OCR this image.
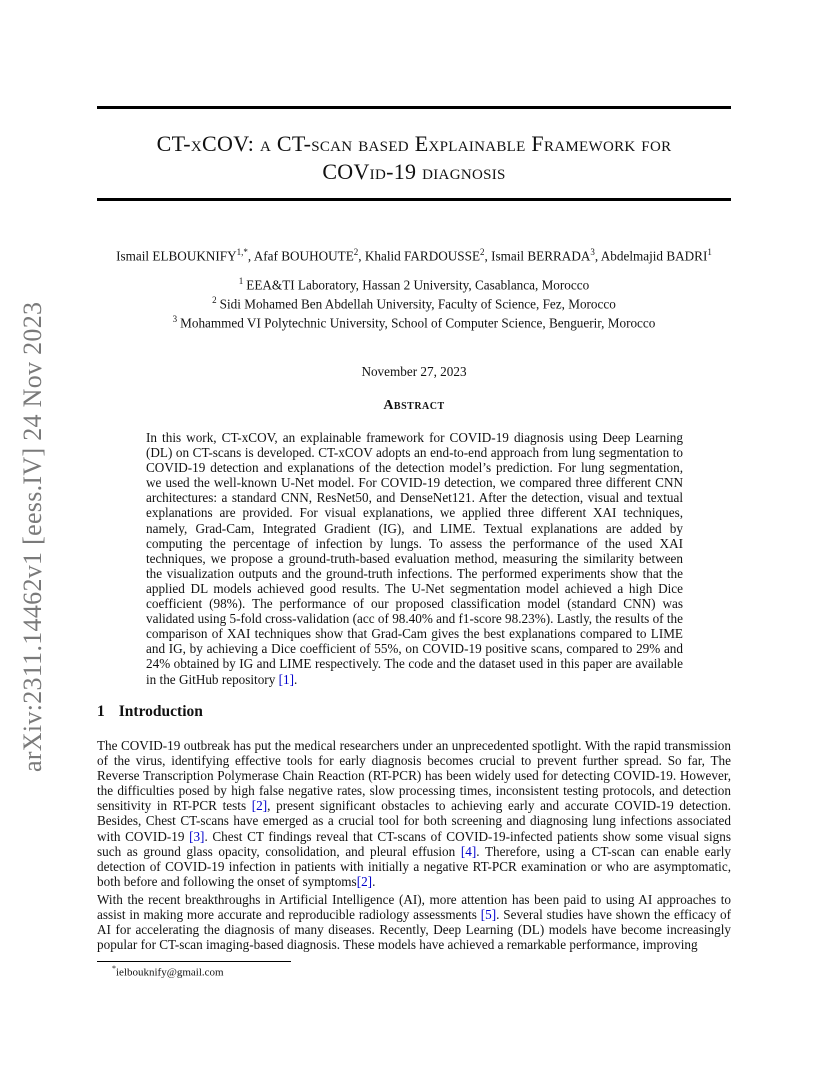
arXiv:2311.14462v1 [eess.IV] 24 Nov 2023
CT-xCOV: a CT-scan based Explainable Framework for
COVid-19 diagnosis
Ismail $ELBOUKNIFY^{1,*}$, Afaf BOUHOUTE$^2$, Khalid FARDOUSSE$^2$, Ismail BERRADA$^3$, Abdelmajid BADRI$^1$
$^1$ EEA&TI Laboratory, Hassan 2 University, Casablanca, Morocco
$^2$ Sidi Mohamed Ben Abdellah University, Faculty of Science, Fez, Morocco
$^3$ Mohammed VI Polytechnic University, School of Computer Science, Benguerir, Morocco
November 27, 2023
Abstract
In this work, CT-xCOV, an explainable framework for COVID-19 diagnosis using Deep Learning (DL) on CT-scans is developed. CT-xCOV adopts an end-to-end approach from lung segmentation to COVID-19 detection and explanations of the detection model’s prediction. For lung segmentation, we used the well-known U-Net model. For COVID-19 detection, we compared three different CNN architectures: a standard CNN, ResNet50, and DenseNet121. After the detection, visual and textual explanations are provided. For visual explanations, we applied three different XAI techniques, namely, Grad-Cam, Integrated Gradient (IG), and LIME. Textual explanations are added by computing the percentage of infection by lungs. To assess the performance of the used XAI techniques, we propose a ground-truth-based evaluation method, measuring the similarity between the visualization outputs and the ground-truth infections. The performed experiments show that the applied DL models achieved good results. The U-Net segmentation model achieved a high Dice coefficient (98%). The performance of our proposed classification model (standard CNN) was validated using 5-fold cross-validation (acc of 98.40% and f1-score 98.23%). Lastly, the results of the comparison of XAI techniques show that Grad-Cam gives the best explanations compared to LIME and IG, by achieving a Dice coefficient of 55%, on COVID-19 positive scans, compared to 29% and 24% obtained by IG and LIME respectively. The code and the dataset used in this paper are available in the GitHub repository [1].
1 Introduction
The COVID-19 outbreak has put the medical researchers under an unprecedented spotlight. With the rapid transmission of the virus, identifying effective tools for early diagnosis becomes crucial to prevent further spread. So far, The Reverse Transcription Polymerase Chain Reaction (RT-PCR) has been widely used for detecting COVID-19. However, the difficulties posed by high false negative rates, slow processing times, inconsistent testing protocols, and detection sensitivity in RT-PCR tests [2], present significant obstacles to achieving early and accurate COVID-19 detection. Besides, Chest CT-scans have emerged as a crucial tool for both screening and diagnosing lung infections associated with COVID-19 [3]. Chest CT findings reveal that CT-scans of COVID-19-infected patients show some visual signs such as ground glass opacity, consolidation, and pleural effusion [4]. Therefore, using a CT-scan can enable early detection of COVID-19 infection in patients with initially a negative RT-PCR examination or who are asymptomatic, both before and following the onset of symptoms[2].
With the recent breakthroughs in Artificial Intelligence (AI), more attention has been paid to using AI approaches to assist in making more accurate and reproducible radiology assessments [5]. Several studies have shown the efficacy of AI for accelerating the diagnosis of many diseases. Recently, Deep Learning (DL) models have become increasingly popular for CT-scan imaging-based diagnosis. These models have achieved a remarkable performance, improving
*ielbouknify@gmail.com
